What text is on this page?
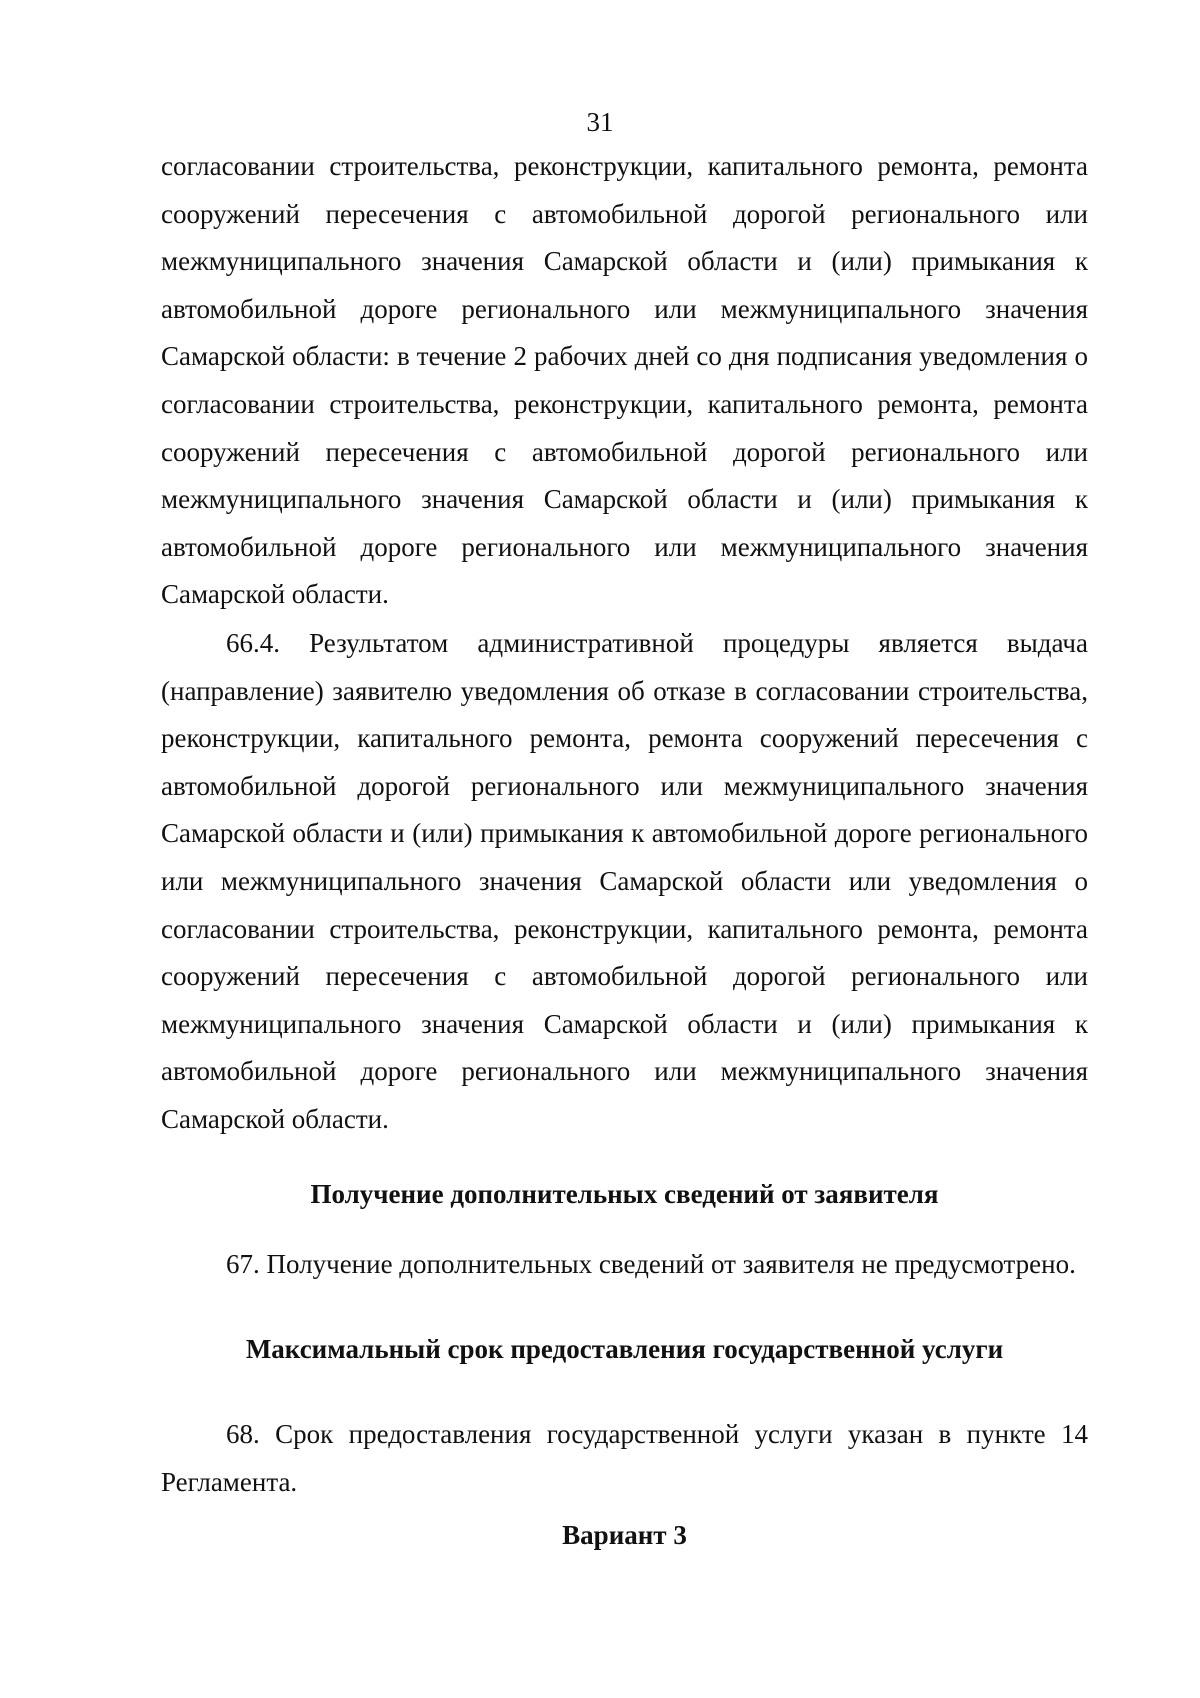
31

согласовании строительства, реконструкции, капитального ремонта, ремонта сооружений пересечения с автомобильной дорогой регионального или межмуниципального значения Самарской области и (или) примыкания к автомобильной дороге регионального или межмуниципального значения Самарской области: в течение 2 рабочих дней со дня подписания уведомления о согласовании строительства, реконструкции, капитального ремонта, ремонта сооружений пересечения с автомобильной дорогой регионального или межмуниципального значения Самарской области и (или) примыкания к автомобильной дороге регионального или межмуниципального значения Самарской области.

66.4. Результатом административной процедуры является выдача (направление) заявителю уведомления об отказе в согласовании строительства, реконструкции, капитального ремонта, ремонта сооружений пересечения с автомобильной дорогой регионального или межмуниципального значения Самарской области и (или) примыкания к автомобильной дороге регионального или межмуниципального значения Самарской области или уведомления о согласовании строительства, реконструкции, капитального ремонта, ремонта сооружений пересечения с автомобильной дорогой регионального или межмуниципального значения Самарской области и (или) примыкания к автомобильной дороге регионального или межмуниципального значения Самарской области.

Получение дополнительных сведений от заявителя

67. Получение дополнительных сведений от заявителя не предусмотрено.

Максимальный срок предоставления государственной услуги

68. Срок предоставления государственной услуги указан в пункте 14 Регламента.

Вариант 3
